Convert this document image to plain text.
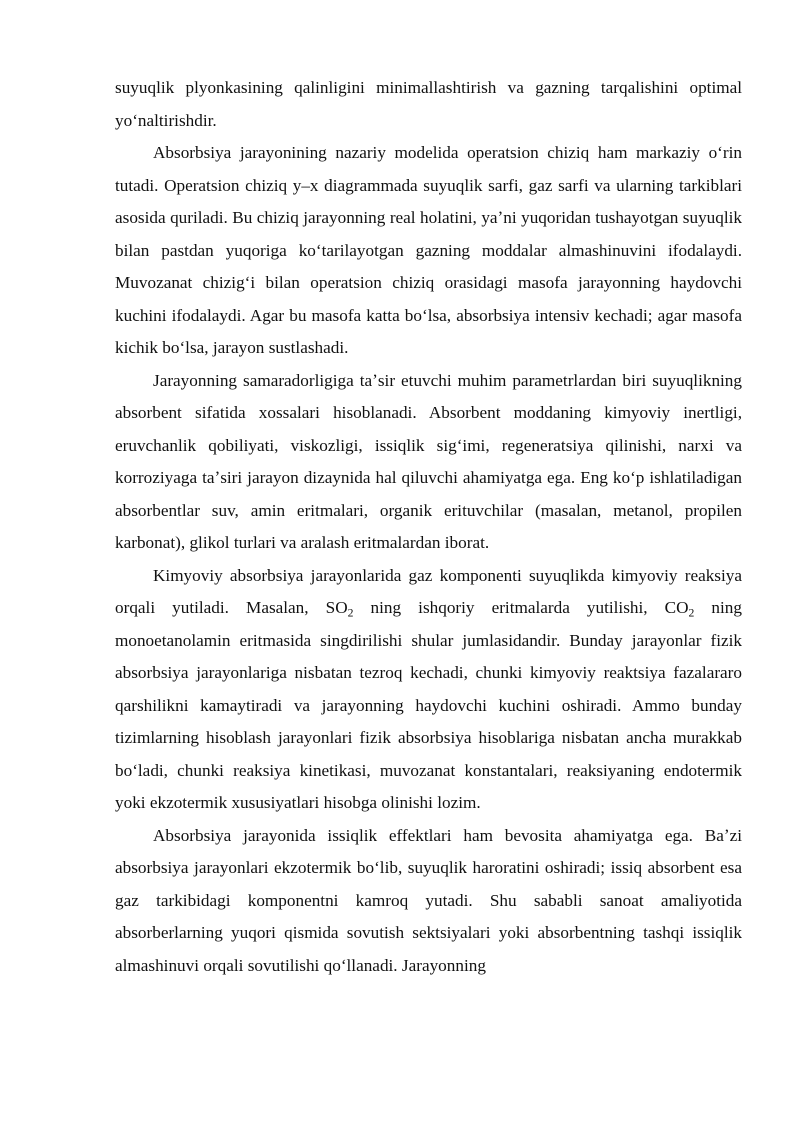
suyuqlik plyonkasining qalinligini minimallashtirish va gazning tarqalishini optimal yoʻnaltirishdir.

Absorbsiya jarayonining nazariy modelida operatsion chiziq ham markaziy oʻrin tutadi. Operatsion chiziq y–x diagrammada suyuqlik sarfi, gaz sarfi va ularning tarkiblari asosida quriladi. Bu chiziq jarayonning real holatini, yaʼni yuqoridan tushayotgan suyuqlik bilan pastdan yuqoriga koʻtarilayotgan gazning moddalar almashinuvini ifodalaydi. Muvozanat chizigʻi bilan operatsion chiziq orasidagi masofa jarayonning haydovchi kuchini ifodalaydi. Agar bu masofa katta boʻlsa, absorbsiya intensiv kechadi; agar masofa kichik boʻlsa, jarayon sustlashadi.

Jarayonning samaradorligiga taʼsir etuvchi muhim parametrlardan biri suyuqlikning absorbent sifatida xossalari hisoblanadi. Absorbent moddaning kimyoviy inertligi, eruvchanlik qobiliyati, viskozligi, issiqlik sigʻimi, regeneratsiya qilinishi, narxi va korroziyaga taʼsiri jarayon dizaynida hal qiluvchi ahamiyatga ega. Eng koʻp ishlatiladigan absorbentlar suv, amin eritmalari, organik erituvchilar (masalan, metanol, propilen karbonat), glikol turlari va aralash eritmalardan iborat.

Kimyoviy absorbsiya jarayonlarida gaz komponenti suyuqlikda kimyoviy reaksiya orqali yutiladi. Masalan, $SO_2$ ning ishqoriy eritmalarda yutilishi, $CO_2$ ning monoetanolamin eritmasida singdirilishi shular jumlasidandir. Bunday jarayonlar fizik absorbsiya jarayonlariga nisbatan tezroq kechadi, chunki kimyoviy reaktsiya fazalararo qarshilikni kamaytiradi va jarayonning haydovchi kuchini oshiradi. Ammo bunday tizimlarning hisoblash jarayonlari fizik absorbsiya hisoblariga nisbatan ancha murakkab boʻladi, chunki reaksiya kinetikasi, muvozanat konstantalari, reaksiyaning endotermik yoki ekzotermik xususiyatlari hisobga olinishi lozim.

Absorbsiya jarayonida issiqlik effektlari ham bevosita ahamiyatga ega. Baʼzi absorbsiya jarayonlari ekzotermik boʻlib, suyuqlik haroratini oshiradi; issiq absorbent esa gaz tarkibidagi komponentni kamroq yutadi. Shu sababli sanoat amaliyotida absorberlarning yuqori qismida sovutish sektsiyalari yoki absorbentning tashqi issiqlik almashinuvi orqali sovutilishi qoʻllanadi. Jarayonning
